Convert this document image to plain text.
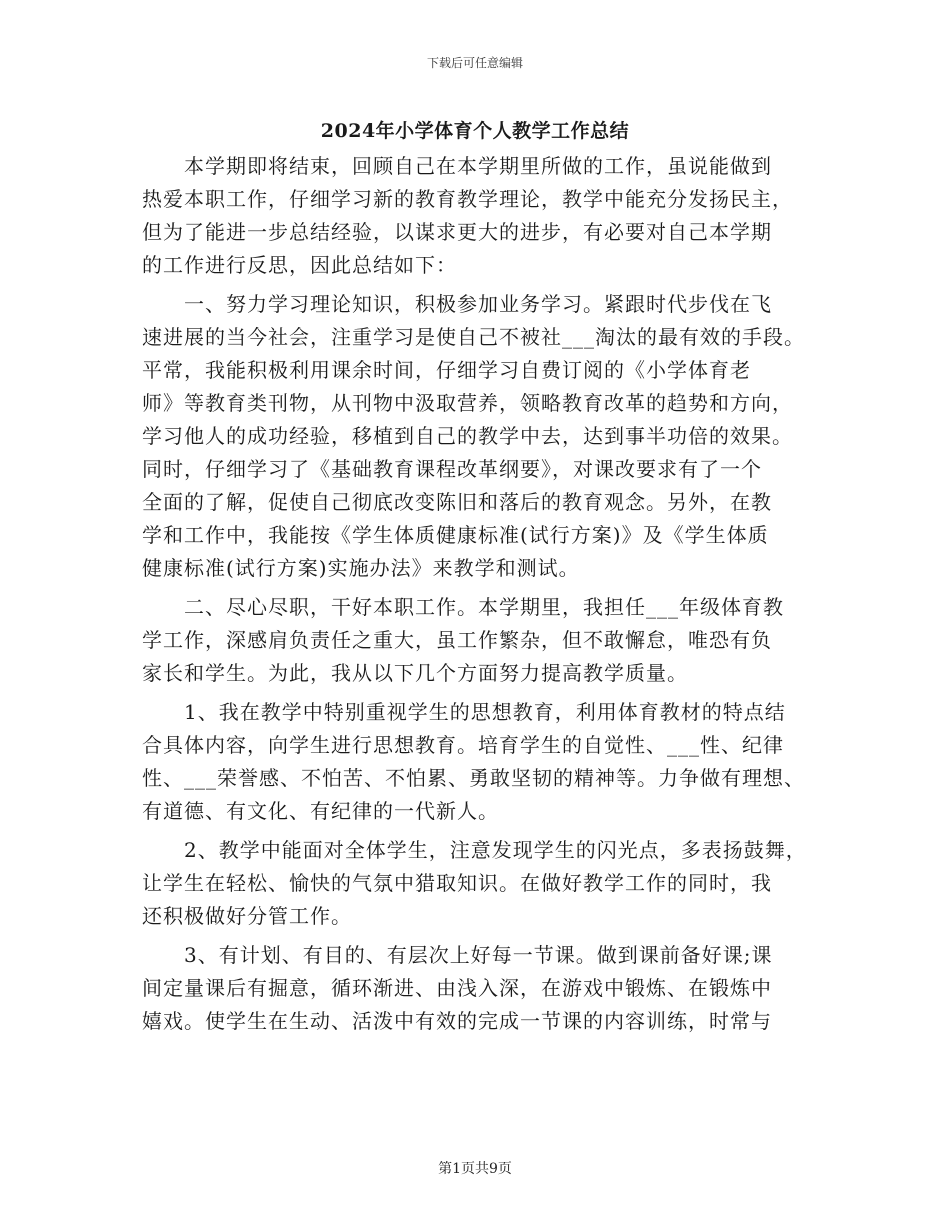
下载后可任意编辑
2024年小学体育个人教学工作总结
本学期即将结束，回顾自己在本学期里所做的工作，虽说能做到
热爱本职工作，仔细学习新的教育教学理论，教学中能充分发扬民主，
但为了能进一步总结经验，以谋求更大的进步，有必要对自己本学期
的工作进行反思，因此总结如下：
一、努力学习理论知识，积极参加业务学习。紧跟时代步伐在飞
速进展的当今社会，注重学习是使自己不被社___淘汰的最有效的手段。
平常，我能积极利用课余时间，仔细学习自费订阅的《小学体育老
师》等教育类刊物，从刊物中汲取营养，领略教育改革的趋势和方向，
学习他人的成功经验，移植到自己的教学中去，达到事半功倍的效果。
同时，仔细学习了《基础教育课程改革纲要》，对课改要求有了一个
全面的了解，促使自己彻底改变陈旧和落后的教育观念。另外，在教
学和工作中，我能按《学生体质健康标准(试行方案)》及《学生体质
健康标准(试行方案)实施办法》来教学和测试。
二、尽心尽职，干好本职工作。本学期里，我担任___年级体育教
学工作，深感肩负责任之重大，虽工作繁杂，但不敢懈怠，唯恐有负
家长和学生。为此，我从以下几个方面努力提高教学质量。
1、我在教学中特别重视学生的思想教育，利用体育教材的特点结
合具体内容，向学生进行思想教育。培育学生的自觉性、___性、纪律
性、___荣誉感、不怕苦、不怕累、勇敢坚韧的精神等。力争做有理想、
有道德、有文化、有纪律的一代新人。
2、教学中能面对全体学生，注意发现学生的闪光点，多表扬鼓舞，
让学生在轻松、愉快的气氛中猎取知识。在做好教学工作的同时，我
还积极做好分管工作。
3、有计划、有目的、有层次上好每一节课。做到课前备好课;课
间定量课后有掘意，循环渐进、由浅入深，在游戏中锻炼、在锻炼中
嬉戏。使学生在生动、活泼中有效的完成一节课的内容训练，时常与
第1页共9页
